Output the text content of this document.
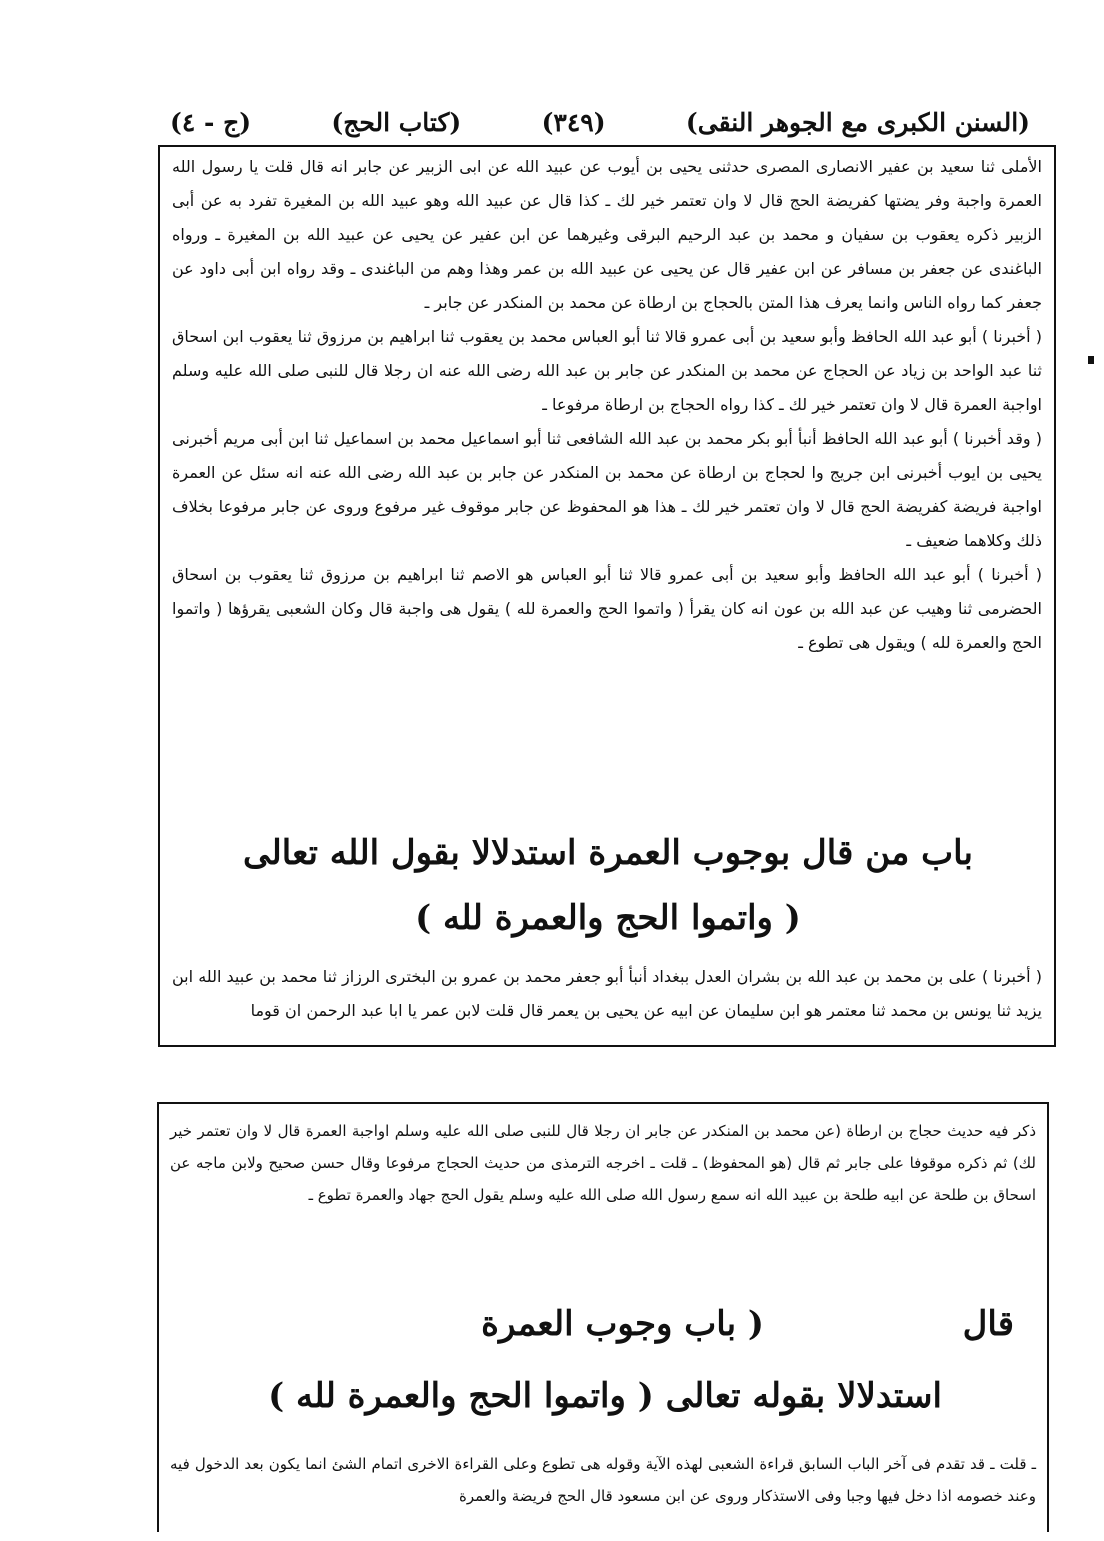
(السنن الكبرى مع الجوهر النقى)
(٣٤٩)
(كتاب الحج)
(ج - ٤)

الأملى ثنا سعيد بن عفير الانصارى المصرى حدثنى يحيى بن أيوب عن عبيد الله عن ابى الزبير عن جابر انه قال قلت يا رسول الله العمرة واجبة وفر يضتها كفريضة الحج قال لا وان تعتمر خير لك ـ كذا قال عن عبيد الله وهو عبيد الله بن المغيرة تفرد به عن أبى الزبير ذكره يعقوب بن سفيان و محمد بن عبد الرحيم البرقى وغيرهما عن ابن عفير عن يحيى عن عبيد الله بن المغيرة ـ ورواه الباغندى عن جعفر بن مسافر عن ابن عفير قال عن يحيى عن عبيد الله بن عمر وهذا وهم من الباغندى ـ وقد رواه ابن أبى داود عن جعفر كما رواه الناس وانما يعرف هذا المتن بالحجاج بن ارطاة عن محمد بن المنكدر عن جابر ـ

( أخبرنا ) أبو عبد الله الحافظ وأبو سعيد بن أبى عمرو قالا ثنا أبو العباس محمد بن يعقوب ثنا ابراهيم بن مرزوق ثنا يعقوب ابن اسحاق ثنا عبد الواحد بن زياد عن الحجاج عن محمد بن المنكدر عن جابر بن عبد الله رضى الله عنه ان رجلا قال للنبى صلى الله عليه وسلم اواجبة العمرة قال لا وان تعتمر خير لك ـ كذا رواه الحجاج بن ارطاة مرفوعا ـ

( وقد أخبرنا ) أبو عبد الله الحافظ أنبأ أبو بكر محمد بن عبد الله الشافعى ثنا أبو اسماعيل محمد بن اسماعيل ثنا ابن أبى مريم أخبرنى يحيى بن ايوب أخبرنى ابن جريج وا لحجاج بن ارطاة عن محمد بن المنكدر عن جابر بن عبد الله رضى الله عنه انه سئل عن العمرة اواجبة فريضة كفريضة الحج قال لا وان تعتمر خير لك ـ هذا هو المحفوظ عن جابر موقوف غير مرفوع وروى عن جابر مرفوعا بخلاف ذلك وكلاهما ضعيف ـ

( أخبرنا ) أبو عبد الله الحافظ وأبو سعيد بن أبى عمرو قالا ثنا أبو العباس هو الاصم ثنا ابراهيم بن مرزوق ثنا يعقوب بن اسحاق الحضرمى ثنا وهيب عن عبد الله بن عون انه كان يقرأ ( واتموا الحج والعمرة لله ) يقول هى واجبة قال وكان الشعبى يقرؤها ( واتموا الحج والعمرة لله ) ويقول هى تطوع ـ

باب من قال بوجوب العمرة استدلالا بقول الله تعالى
( واتموا الحج والعمرة لله )

( أخبرنا ) على بن محمد بن عبد الله بن بشران العدل ببغداد أنبأ أبو جعفر محمد بن عمرو بن البخترى الرزاز ثنا محمد بن عبيد الله ابن يزيد ثنا يونس بن محمد ثنا معتمر هو ابن سليمان عن ابيه عن يحيى بن يعمر قال قلت لابن عمر يا ابا عبد الرحمن ان قوما

ذكر فيه حديث حجاج بن ارطاة (عن محمد بن المنكدر عن جابر ان رجلا قال للنبى صلى الله عليه وسلم اواجبة العمرة قال لا وان تعتمر خير لك) ثم ذكره موقوفا على جابر ثم قال (هو المحفوظ) ـ قلت ـ اخرجه الترمذى من حديث الحجاج مرفوعا وقال حسن صحيح ولابن ماجه عن اسحاق بن طلحة عن ابيه طلحة بن عبيد الله انه سمع رسول الله صلى الله عليه وسلم يقول الحج جهاد والعمرة تطوع ـ

قال
( باب وجوب العمرة
استدلالا بقوله تعالى ( واتموا الحج والعمرة لله )

ـ قلت ـ قد تقدم فى آخر الباب السابق قراءة الشعبى لهذه الآية وقوله هى تطوع وعلى القراءة الاخرى اتمام الشئ انما يكون بعد الدخول فيه وعند خصومه اذا دخل فيها وجبا وفى الاستذكار وروى عن ابن مسعود قال الحج فريضة والعمرة
